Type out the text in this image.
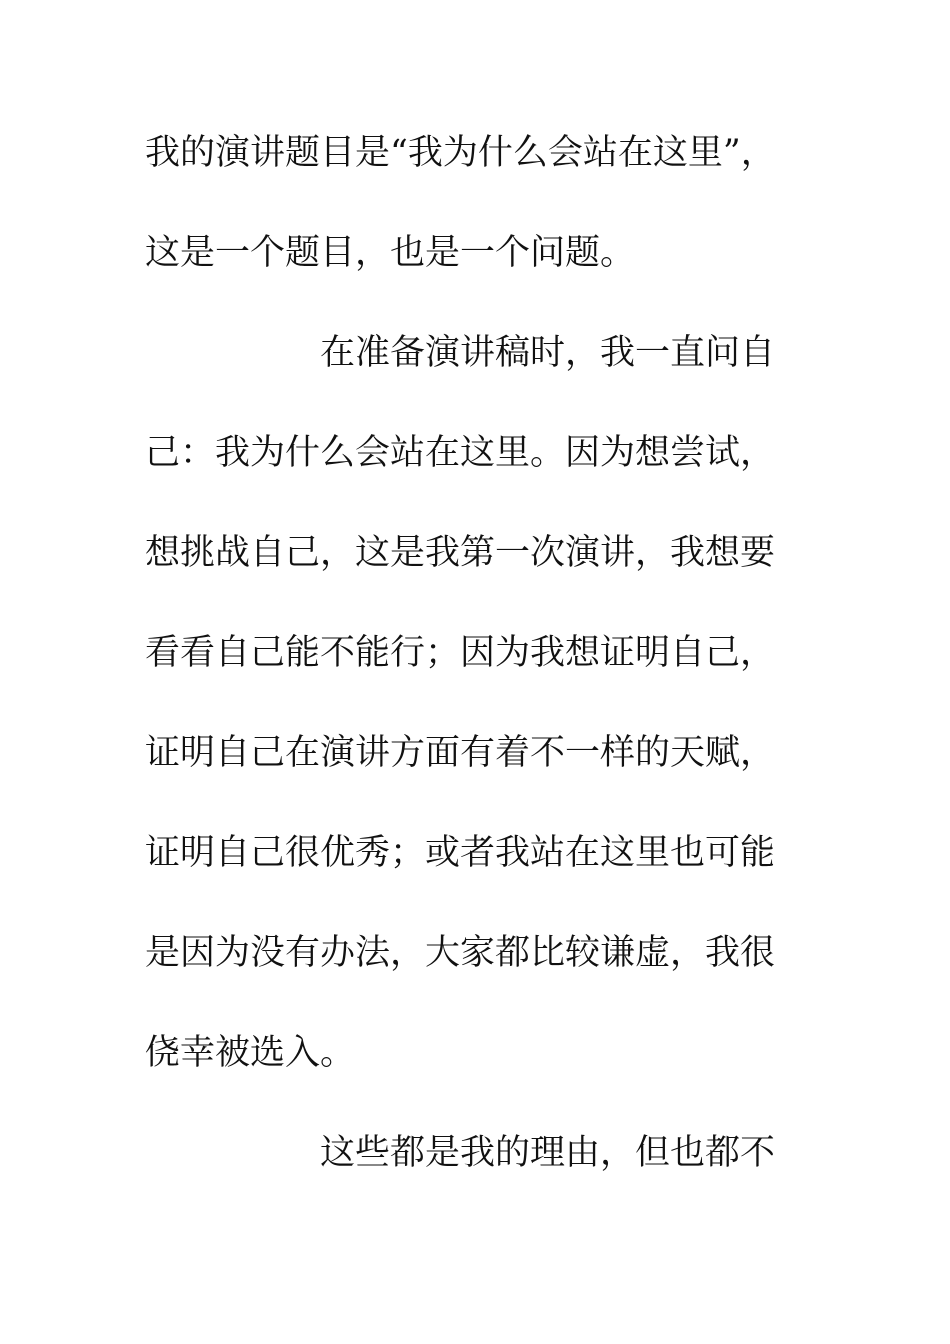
我的演讲题目是“我为什么会站在这里”，
这是一个题目，也是一个问题。
在准备演讲稿时，我一直问自
己：我为什么会站在这里。因为想尝试，
想挑战自己，这是我第一次演讲，我想要
看看自己能不能行；因为我想证明自己，
证明自己在演讲方面有着不一样的天赋，
证明自己很优秀；或者我站在这里也可能
是因为没有办法，大家都比较谦虚，我很
侥幸被选入。
这些都是我的理由，但也都不
